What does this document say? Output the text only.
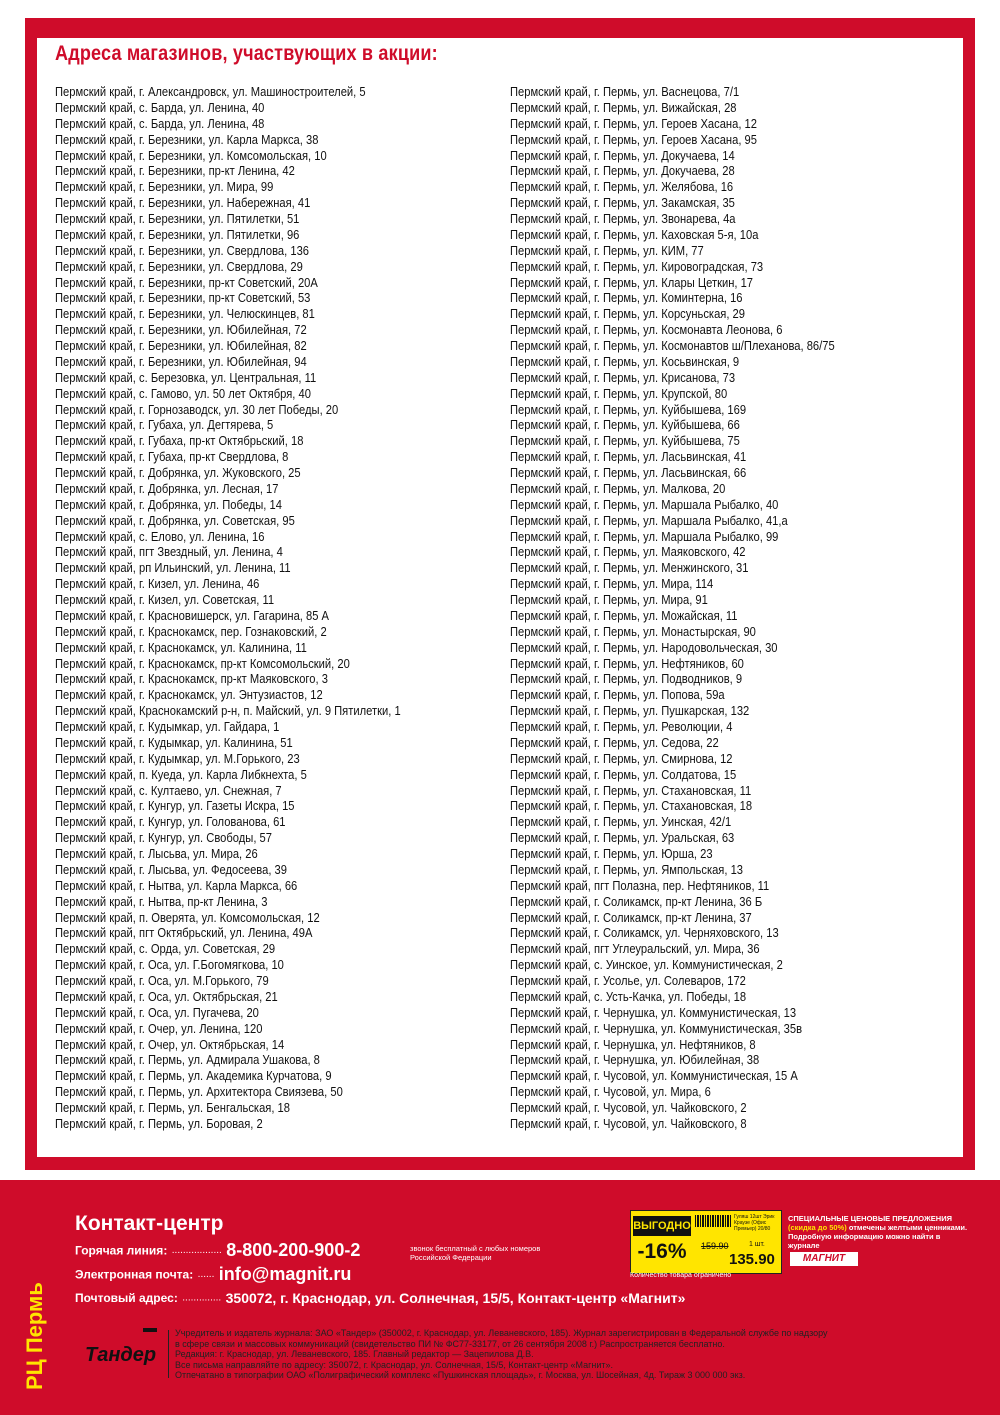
Адреса магазинов, участвующих в акции:
Пермский край, г. Александровск, ул. Машиностроителей, 5
Пермский край, с. Барда, ул. Ленина, 40
Пермский край, с. Барда, ул. Ленина, 48
Пермский край, г. Березники, ул. Карла Маркса, 38
Пермский край, г. Березники, ул. Комсомольская, 10
Пермский край, г. Березники, пр-кт Ленина, 42
Пермский край, г. Березники, ул. Мира, 99
Пермский край, г. Березники, ул. Набережная, 41
Пермский край, г. Березники, ул. Пятилетки, 51
Пермский край, г. Березники, ул. Пятилетки, 96
Пермский край, г. Березники, ул. Свердлова, 136
Пермский край, г. Березники, ул. Свердлова, 29
Пермский край, г. Березники, пр-кт Советский, 20А
Пермский край, г. Березники, пр-кт Советский, 53
Пермский край, г. Березники, ул. Челюскинцев, 81
Пермский край, г. Березники, ул. Юбилейная, 72
Пермский край, г. Березники, ул. Юбилейная, 82
Пермский край, г. Березники, ул. Юбилейная, 94
Пермский край, с. Березовка, ул. Центральная, 11
Пермский край, с. Гамово, ул. 50 лет Октября, 40
Пермский край, г. Горнозаводск, ул. 30 лет Победы, 20
Пермский край, г. Губаха, ул. Дегтярева, 5
Пермский край, г. Губаха, пр-кт Октябрьский, 18
Пермский край, г. Губаха, пр-кт Свердлова, 8
Пермский край, г. Добрянка, ул. Жуковского, 25
Пермский край, г. Добрянка, ул. Лесная, 17
Пермский край, г. Добрянка, ул. Победы, 14
Пермский край, г. Добрянка, ул. Советская, 95
Пермский край, с. Елово, ул. Ленина, 16
Пермский край, пгт Звездный, ул. Ленина, 4
Пермский край, рп Ильинский, ул. Ленина, 11
Пермский край, г. Кизел, ул. Ленина, 46
Пермский край, г. Кизел, ул. Советская, 11
Пермский край, г. Красновишерск, ул. Гагарина, 85 А
Пермский край, г. Краснокамск, пер. Гознаковский, 2
Пермский край, г. Краснокамск, ул. Калинина, 11
Пермский край, г. Краснокамск, пр-кт Комсомольский, 20
Пермский край, г. Краснокамск, пр-кт Маяковского, 3
Пермский край, г. Краснокамск, ул. Энтузиастов, 12
Пермский край, Краснокамский р-н, п. Майский, ул. 9 Пятилетки, 1
Пермский край, г. Кудымкар, ул. Гайдара, 1
Пермский край, г. Кудымкар, ул. Калинина, 51
Пермский край, г. Кудымкар, ул. М.Горького, 23
Пермский край, п. Куеда, ул. Карла Либкнехта, 5
Пермский край, с. Култаево, ул. Снежная, 7
Пермский край, г. Кунгур, ул. Газеты Искра, 15
Пермский край, г. Кунгур, ул. Голованова, 61
Пермский край, г. Кунгур, ул. Свободы, 57
Пермский край, г. Лысьва, ул. Мира, 26
Пермский край, г. Лысьва, ул. Федосеева, 39
Пермский край, г. Нытва, ул. Карла Маркса, 66
Пермский край, г. Нытва, пр-кт Ленина, 3
Пермский край, п. Оверята, ул. Комсомольская, 12
Пермский край, пгт Октябрьский, ул. Ленина, 49А
Пермский край, с. Орда, ул. Советская, 29
Пермский край, г. Оса, ул. Г.Богомягкова, 10
Пермский край, г. Оса, ул. М.Горького, 79
Пермский край, г. Оса, ул. Октябрьская, 21
Пермский край, г. Оса, ул. Пугачева, 20
Пермский край, г. Очер, ул. Ленина, 120
Пермский край, г. Очер, ул. Октябрьская, 14
Пермский край, г. Пермь, ул. Адмирала Ушакова, 8
Пермский край, г. Пермь, ул. Академика Курчатова, 9
Пермский край, г. Пермь, ул. Архитектора Свиязева, 50
Пермский край, г. Пермь, ул. Бенгальская, 18
Пермский край, г. Пермь, ул. Боровая, 2
Пермский край, г. Пермь, ул. Васнецова, 7/1
Пермский край, г. Пермь, ул. Вижайская, 28
Пермский край, г. Пермь, ул. Героев Хасана, 12
Пермский край, г. Пермь, ул. Героев Хасана, 95
Пермский край, г. Пермь, ул. Докучаева, 14
Пермский край, г. Пермь, ул. Докучаева, 28
Пермский край, г. Пермь, ул. Желябова, 16
Пермский край, г. Пермь, ул. Закамская, 35
Пермский край, г. Пермь, ул. Звонарева, 4а
Пермский край, г. Пермь, ул. Каховская 5-я, 10а
Пермский край, г. Пермь, ул. КИМ, 77
Пермский край, г. Пермь, ул. Кировоградская, 73
Пермский край, г. Пермь, ул. Клары Цеткин, 17
Пермский край, г. Пермь, ул. Коминтерна, 16
Пермский край, г. Пермь, ул. Корсуньская, 29
Пермский край, г. Пермь, ул. Космонавта Леонова, 6
Пермский край, г. Пермь, ул. Космонавтов ш/Плеханова, 86/75
Пермский край, г. Пермь, ул. Косьвинская, 9
Пермский край, г. Пермь, ул. Крисанова, 73
Пермский край, г. Пермь, ул. Крупской, 80
Пермский край, г. Пермь, ул. Куйбышева, 169
Пермский край, г. Пермь, ул. Куйбышева, 66
Пермский край, г. Пермь, ул. Куйбышева, 75
Пермский край, г. Пермь, ул. Ласьвинская, 41
Пермский край, г. Пермь, ул. Ласьвинская, 66
Пермский край, г. Пермь, ул. Малкова, 20
Пермский край, г. Пермь, ул. Маршала Рыбалко, 40
Пермский край, г. Пермь, ул. Маршала Рыбалко, 41,а
Пермский край, г. Пермь, ул. Маршала Рыбалко, 99
Пермский край, г. Пермь, ул. Маяковского, 42
Пермский край, г. Пермь, ул. Менжинского, 31
Пермский край, г. Пермь, ул. Мира, 114
Пермский край, г. Пермь, ул. Мира, 91
Пермский край, г. Пермь, ул. Можайская, 11
Пермский край, г. Пермь, ул. Монастырская, 90
Пермский край, г. Пермь, ул. Народовольческая, 30
Пермский край, г. Пермь, ул. Нефтяников, 60
Пермский край, г. Пермь, ул. Подводников, 9
Пермский край, г. Пермь, ул. Попова, 59а
Пермский край, г. Пермь, ул. Пушкарская, 132
Пермский край, г. Пермь, ул. Революции, 4
Пермский край, г. Пермь, ул. Седова, 22
Пермский край, г. Пермь, ул. Смирнова, 12
Пермский край, г. Пермь, ул. Солдатова, 15
Пермский край, г. Пермь, ул. Стахановская, 11
Пермский край, г. Пермь, ул. Стахановская, 18
Пермский край, г. Пермь, ул. Уинская, 42/1
Пермский край, г. Пермь, ул. Уральская, 63
Пермский край, г. Пермь, ул. Юрша, 23
Пермский край, г. Пермь, ул. Ямпольская, 13
Пермский край, пгт Полазна, пер. Нефтяников, 11
Пермский край, г. Соликамск, пр-кт Ленина, 36 Б
Пермский край, г. Соликамск, пр-кт Ленина, 37
Пермский край, г. Соликамск, ул. Черняховского, 13
Пермский край, пгт Углеуральский, ул. Мира, 36
Пермский край, с. Уинское, ул. Коммунистическая, 2
Пермский край, г. Усолье, ул. Солеваров, 172
Пермский край, с. Усть-Качка, ул. Победы, 18
Пермский край, г. Чернушка, ул. Коммунистическая, 13
Пермский край, г. Чернушка, ул. Коммунистическая, 35в
Пермский край, г. Чернушка, ул. Нефтяников, 8
Пермский край, г. Чернушка, ул. Юбилейная, 38
Пермский край, г. Чусовой, ул. Коммунистическая, 15 А
Пермский край, г. Чусовой, ул. Мира, 6
Пермский край, г. Чусовой, ул. Чайковского, 2
Пермский край, г. Чусовой, ул. Чайковского, 8
РЦ Пермь
Контакт-центр
Горячая линия: .................. 8-800-200-900-2	звонок бесплатный с любых номеров Российской Федерации
Электронная почта: ...... info@magnit.ru
Почтовый адрес: .............. 350072, г. Краснодар, ул. Солнечная, 15/5, Контакт-центр «Магнит»
ВЫГОДНО
-16%
Гуляш 12шт Эрик Краузе (Офис Премьер) 20/80
159.90	1 шт.
135.90
Количество товара ограничено
СПЕЦИАЛЬНЫЕ ЦЕНОВЫЕ ПРЕДЛОЖЕНИЯ
(скидка до 50%) отмечены желтыми ценниками. Подробную информацию можно найти в журнале
МАГНИТ
Тандер
Учредитель и издатель журнала: ЗАО «Тандер» (350002, г. Краснодар, ул. Леваневского, 185). Журнал зарегистрирован в Федеральной службе по надзору
в сфере связи и массовых коммуникаций (свидетельство ПИ № ФС77-33177, от 26 сентября 2008 г.) Распространяется бесплатно.
Редакция: г. Краснодар, ул. Леваневского, 185. Главный редактор — Зацепилова Д.В.
Все письма направляйте по адресу: 350072, г. Краснодар, ул. Солнечная, 15/5, Контакт-центр «Магнит».
Отпечатано в типографии ОАО «Полиграфический комплекс «Пушкинская площадь», г. Москва, ул. Шосейная, 4д. Тираж 3 000 000 экз.
